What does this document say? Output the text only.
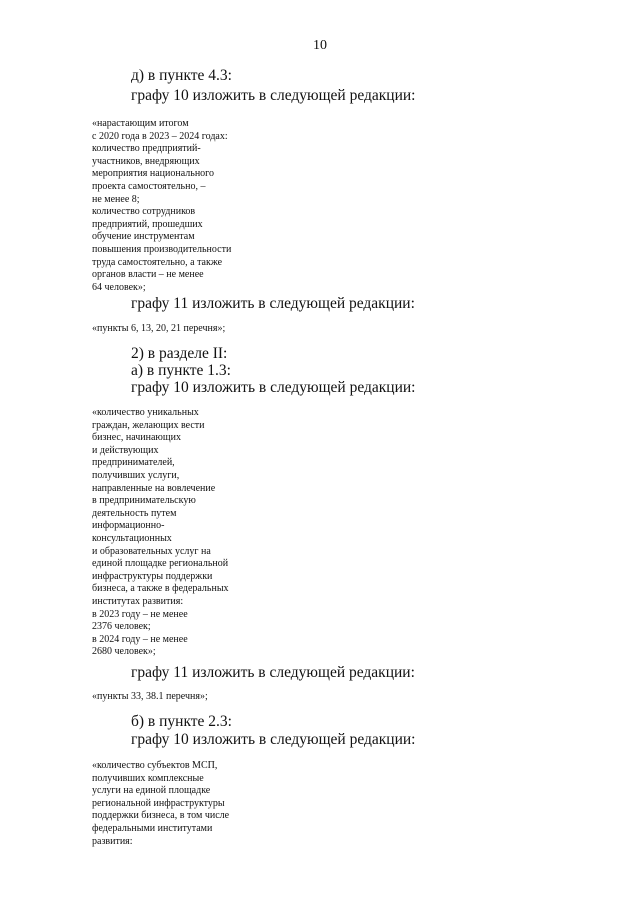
10
д) в пункте 4.3:
графу 10 изложить в следующей редакции:
«нарастающим итогом
с 2020 года в 2023 – 2024 годах:
количество предприятий-
участников, внедряющих
мероприятия национального
проекта самостоятельно, –
не менее 8;
количество сотрудников
предприятий, прошедших
обучение инструментам
повышения производительности
труда самостоятельно, а также
органов власти – не менее
64 человек»;
графу 11 изложить в следующей редакции:
«пункты 6, 13, 20, 21 перечня»;
2) в разделе II:
а) в пункте 1.3:
графу 10 изложить в следующей редакции:
«количество уникальных
граждан, желающих вести
бизнес, начинающих
и действующих
предпринимателей,
получивших услуги,
направленные на вовлечение
в предпринимательскую
деятельность путем
информационно-
консультационных
и образовательных услуг на
единой площадке региональной
инфраструктуры поддержки
бизнеса, а также в федеральных
институтах развития:
в 2023 году – не менее
2376 человек;
в 2024 году – не менее
2680 человек»;
графу 11 изложить в следующей редакции:
«пункты 33, 38.1 перечня»;
б) в пункте 2.3:
графу 10 изложить в следующей редакции:
«количество субъектов МСП,
получивших комплексные
услуги на единой площадке
региональной инфраструктуры
поддержки бизнеса, в том числе
федеральными институтами
развития:
